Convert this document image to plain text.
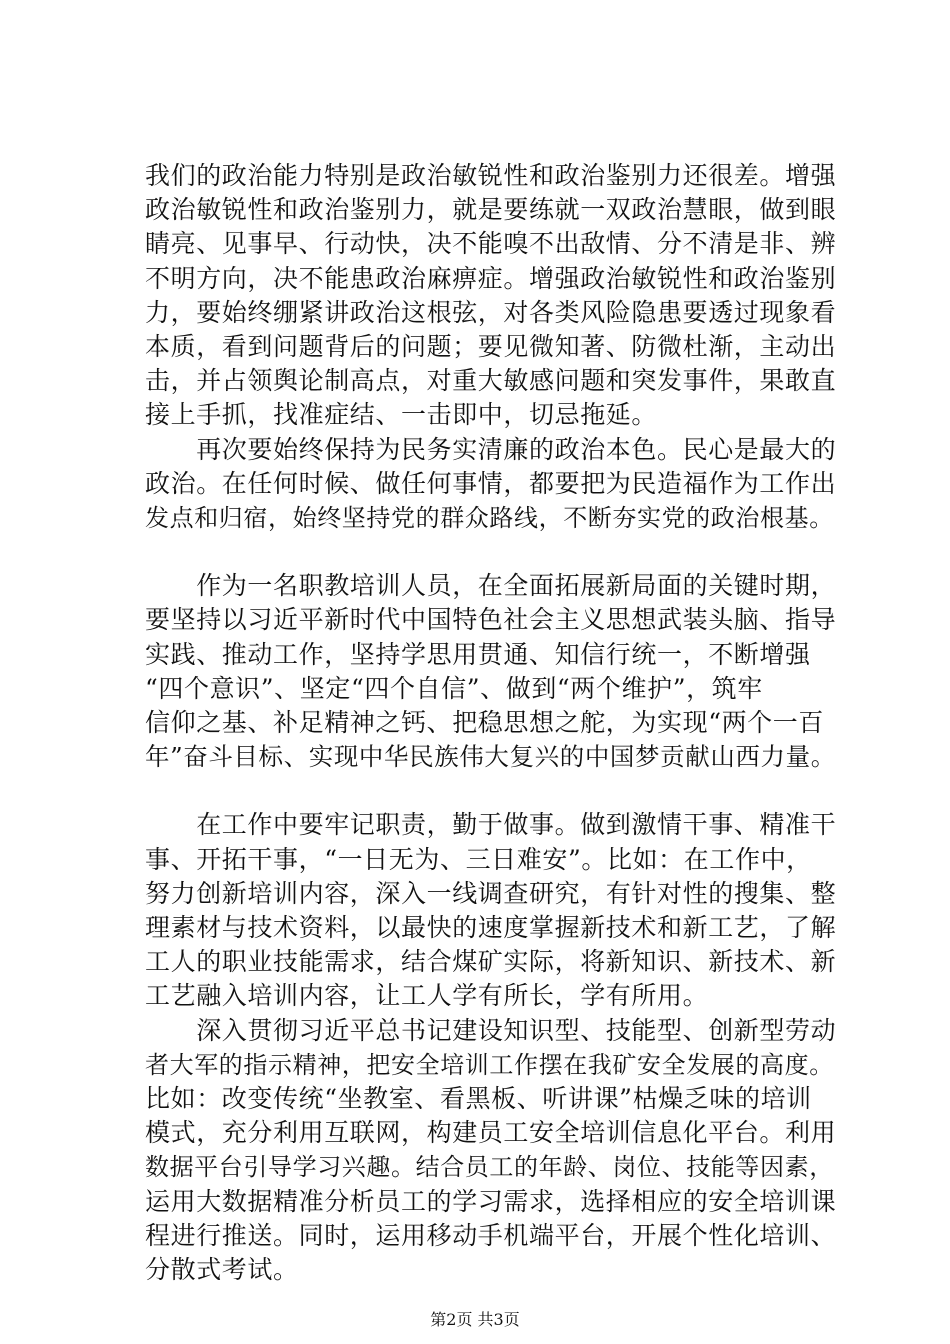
我们的政治能力特别是政治敏锐性和政治鉴别力还很差。增强
政治敏锐性和政治鉴别力，就是要练就一双政治慧眼，做到眼
睛亮、见事早、行动快，决不能嗅不出敌情、分不清是非、辨
不明方向，决不能患政治麻痹症。增强政治敏锐性和政治鉴别
力，要始终绷紧讲政治这根弦，对各类风险隐患要透过现象看
本质，看到问题背后的问题；要见微知著、防微杜渐，主动出
击，并占领舆论制高点，对重大敏感问题和突发事件，果敢直
接上手抓，找准症结、一击即中，切忌拖延。
　　再次要始终保持为民务实清廉的政治本色。民心是最大的
政治。在任何时候、做任何事情，都要把为民造福作为工作出
发点和归宿，始终坚持党的群众路线，不断夯实党的政治根基。
　　作为一名职教培训人员，在全面拓展新局面的关键时期，
要坚持以习近平新时代中国特色社会主义思想武装头脑、指导
实践、推动工作，坚持学思用贯通、知信行统一，不断增强
“四个意识”、坚定“四个自信”、做到“两个维护”，筑牢
信仰之基、补足精神之钙、把稳思想之舵，为实现“两个一百
年”奋斗目标、实现中华民族伟大复兴的中国梦贡献山西力量。
　　在工作中要牢记职责，勤于做事。做到激情干事、精准干
事、开拓干事，“一日无为、三日难安”。比如：在工作中，
努力创新培训内容，深入一线调查研究，有针对性的搜集、整
理素材与技术资料，以最快的速度掌握新技术和新工艺，了解
工人的职业技能需求，结合煤矿实际，将新知识、新技术、新
工艺融入培训内容，让工人学有所长，学有所用。
　　深入贯彻习近平总书记建设知识型、技能型、创新型劳动
者大军的指示精神，把安全培训工作摆在我矿安全发展的高度。
比如：改变传统“坐教室、看黑板、听讲课”枯燥乏味的培训
模式，充分利用互联网，构建员工安全培训信息化平台。利用
数据平台引导学习兴趣。结合员工的年龄、岗位、技能等因素，
运用大数据精准分析员工的学习需求，选择相应的安全培训课
程进行推送。同时，运用移动手机端平台，开展个性化培训、
分散式考试。
第2页 共3页
